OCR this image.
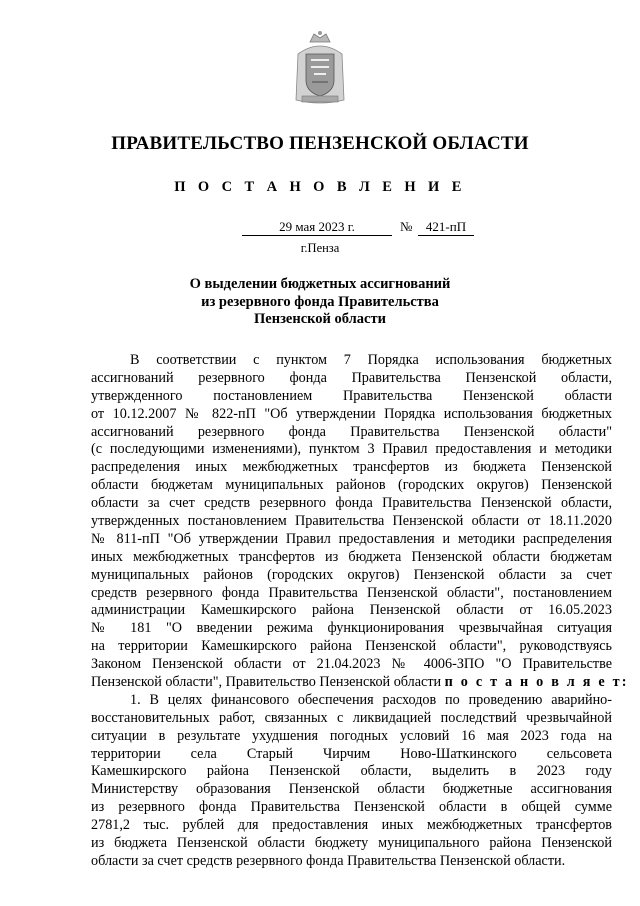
ПРАВИТЕЛЬСТВО ПЕНЗЕНСКОЙ ОБЛАСТИ
П О С Т А Н О В Л Е Н И Е
29 мая 2023 г.	№	421-пП
г.Пенза
О выделении бюджетных ассигнований
из резервного фонда Правительства
Пензенской области
В соответствии с пунктом 7 Порядка использования бюджетных
ассигнований резервного фонда Правительства Пензенской области,
утвержденного постановлением Правительства Пензенской области
от 10.12.2007 № 822-пП "Об утверждении Порядка использования бюджетных
ассигнований резервного фонда Правительства Пензенской области"
(с последующими изменениями), пунктом 3 Правил предоставления и методики
распределения иных межбюджетных трансфертов из бюджета Пензенской
области бюджетам муниципальных районов (городских округов) Пензенской
области за счет средств резервного фонда Правительства Пензенской области,
утвержденных постановлением Правительства Пензенской области от 18.11.2020
№ 811-пП "Об утверждении Правил предоставления и методики распределения
иных межбюджетных трансфертов из бюджета Пензенской области бюджетам
муниципальных районов (городских округов) Пензенской области за счет
средств резервного фонда Правительства Пензенской области", постановлением
администрации Камешкирского района Пензенской области от 16.05.2023
№ 181 "О введении режима функционирования чрезвычайная ситуация
на территории Камешкирского района Пензенской области", руководствуясь
Законом Пензенской области от 21.04.2023 № 4006-ЗПО "О Правительстве
Пензенской области", Правительство Пензенской области п о с т а н о в л я е т:
1. В целях финансового обеспечения расходов по проведению аварийно-
восстановительных работ, связанных с ликвидацией последствий чрезвычайной
ситуации в результате ухудшения погодных условий 16 мая 2023 года на
территории села Старый Чирчим Ново-Шаткинского сельсовета
Камешкирского района Пензенской области, выделить в 2023 году
Министерству образования Пензенской области бюджетные ассигнования
из резервного фонда Правительства Пензенской области в общей сумме
2781,2 тыс. рублей для предоставления иных межбюджетных трансфертов
из бюджета Пензенской области бюджету муниципального района Пензенской
области за счет средств резервного фонда Правительства Пензенской области.
